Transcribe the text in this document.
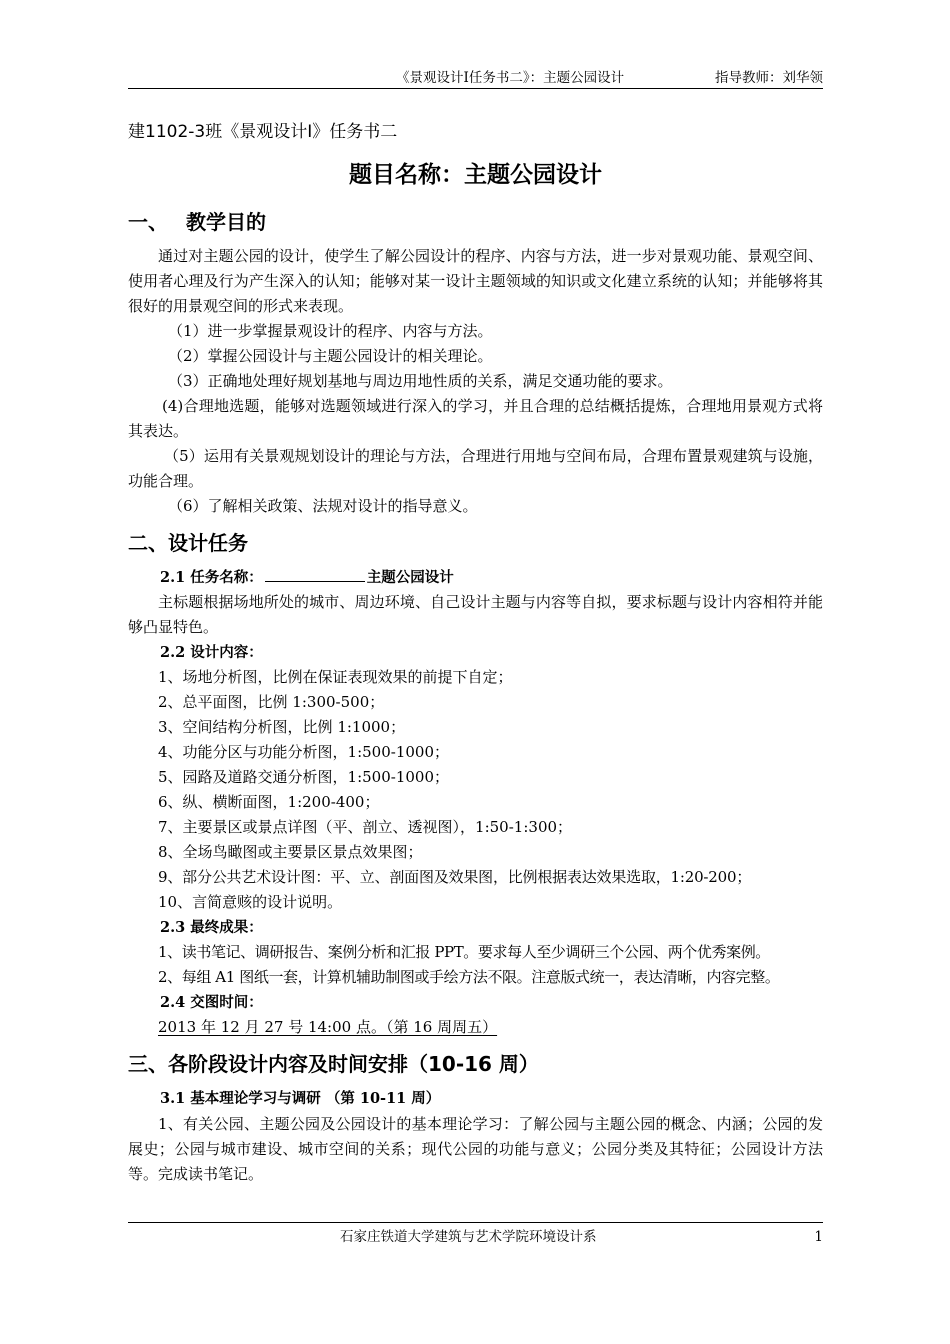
《景观设计I任务书二》：主题公园设计	指导教师：刘华领
建1102-3班《景观设计I》任务书二
题目名称：主题公园设计
一、 教学目的
通过对主题公园的设计，使学生了解公园设计的程序、内容与方法，进一步对景观功能、景观空间、使用者心理及行为产生深入的认知；能够对某一设计主题领域的知识或文化建立系统的认知；并能够将其很好的用景观空间的形式来表现。
（1）进一步掌握景观设计的程序、内容与方法。
（2）掌握公园设计与主题公园设计的相关理论。
（3）正确地处理好规划基地与周边用地性质的关系，满足交通功能的要求。
(4)合理地选题，能够对选题领域进行深入的学习，并且合理的总结概括提炼，合理地用景观方式将其表达。
（5）运用有关景观规划设计的理论与方法，合理进行用地与空间布局，合理布置景观建筑与设施，功能合理。
（6）了解相关政策、法规对设计的指导意义。
二、设计任务
2.1 任务名称：	主题公园设计
主标题根据场地所处的城市、周边环境、自己设计主题与内容等自拟，要求标题与设计内容相符并能够凸显特色。
2.2 设计内容：
1、场地分析图，比例在保证表现效果的前提下自定；
2、总平面图，比例 1:300-500；
3、空间结构分析图，比例 1:1000；
4、功能分区与功能分析图，1:500-1000；
5、园路及道路交通分析图，1:500-1000；
6、纵、横断面图，1:200-400；
7、主要景区或景点详图（平、剖立、透视图），1:50-1:300；
8、全场鸟瞰图或主要景区景点效果图；
9、部分公共艺术设计图：平、立、剖面图及效果图，比例根据表达效果选取，1:20-200；
10、言简意赅的设计说明。
2.3 最终成果：
1、读书笔记、调研报告、案例分析和汇报 PPT。要求每人至少调研三个公园、两个优秀案例。
2、每组 A1 图纸一套，计算机辅助制图或手绘方法不限。注意版式统一，表达清晰，内容完整。
2.4 交图时间：
2013 年 12 月 27 号 14:00 点。（第 16 周周五）
三、各阶段设计内容及时间安排（10-16 周）
3.1 基本理论学习与调研 （第 10-11 周）
1、有关公园、主题公园及公园设计的基本理论学习：了解公园与主题公园的概念、内涵；公园的发展史；公园与城市建设、城市空间的关系；现代公园的功能与意义；公园分类及其特征；公园设计方法等。完成读书笔记。
石家庄铁道大学建筑与艺术学院环境设计系	1
